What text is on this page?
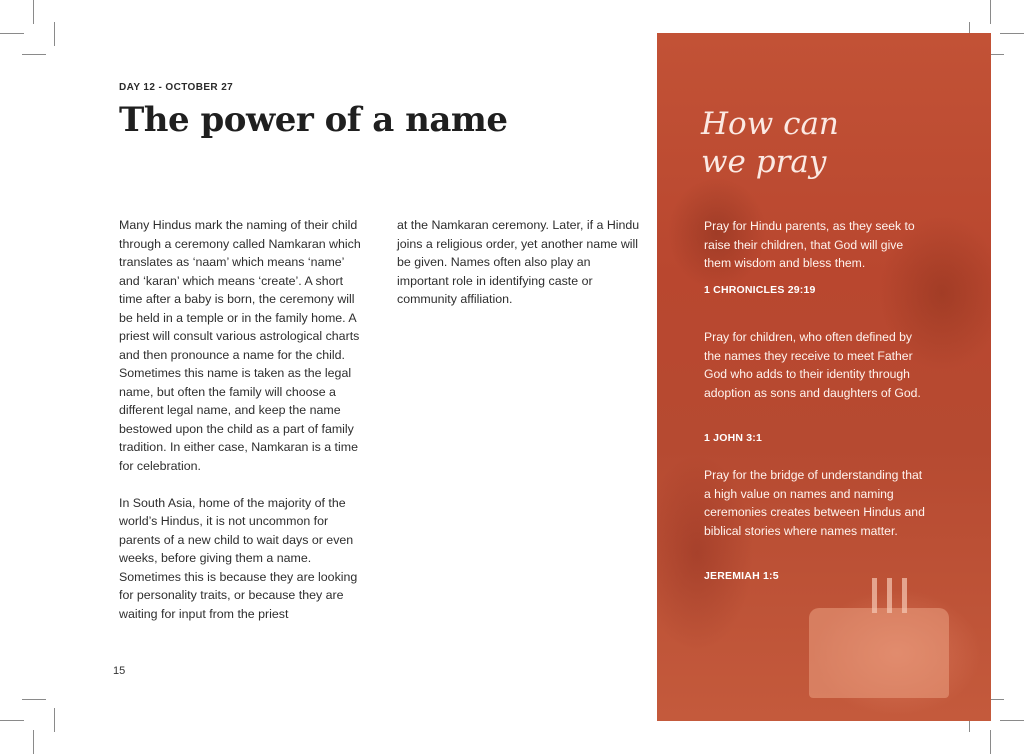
DAY 12 - OCTOBER 27
The power of a name

Many Hindus mark the naming of their child through a ceremony called Namkaran which translates as ‘naam’ which means ‘name’ and ‘karan’ which means ‘create’. A short time after a baby is born, the ceremony will be held in a temple or in the family home. A priest will consult various astrological charts and then pronounce a name for the child. Sometimes this name is taken as the legal name, but often the family will choose a different legal name, and keep the name bestowed upon the child as a part of family tradition. In either case, Namkaran is a time for celebration.

In South Asia, home of the majority of the world’s Hindus, it is not uncommon for parents of a new child to wait days or even weeks, before giving them a name. Sometimes this is because they are looking for personality traits, or because they are waiting for input from the priest

at the Namkaran ceremony. Later, if a Hindu joins a religious order, yet another name will be given. Names often also play an important role in identifying caste or community affiliation.

15
How can
we pray

Pray for Hindu parents, as they seek to raise their children, that God will give them wisdom and bless them.

1 CHRONICLES 29:19

Pray for children, who often defined by the names they receive to meet Father God who adds to their identity through adoption as sons and daughters of God.

1 JOHN 3:1

Pray for the bridge of understanding that a high value on names and naming ceremonies creates between Hindus and biblical stories where names matter.

JEREMIAH 1:5
